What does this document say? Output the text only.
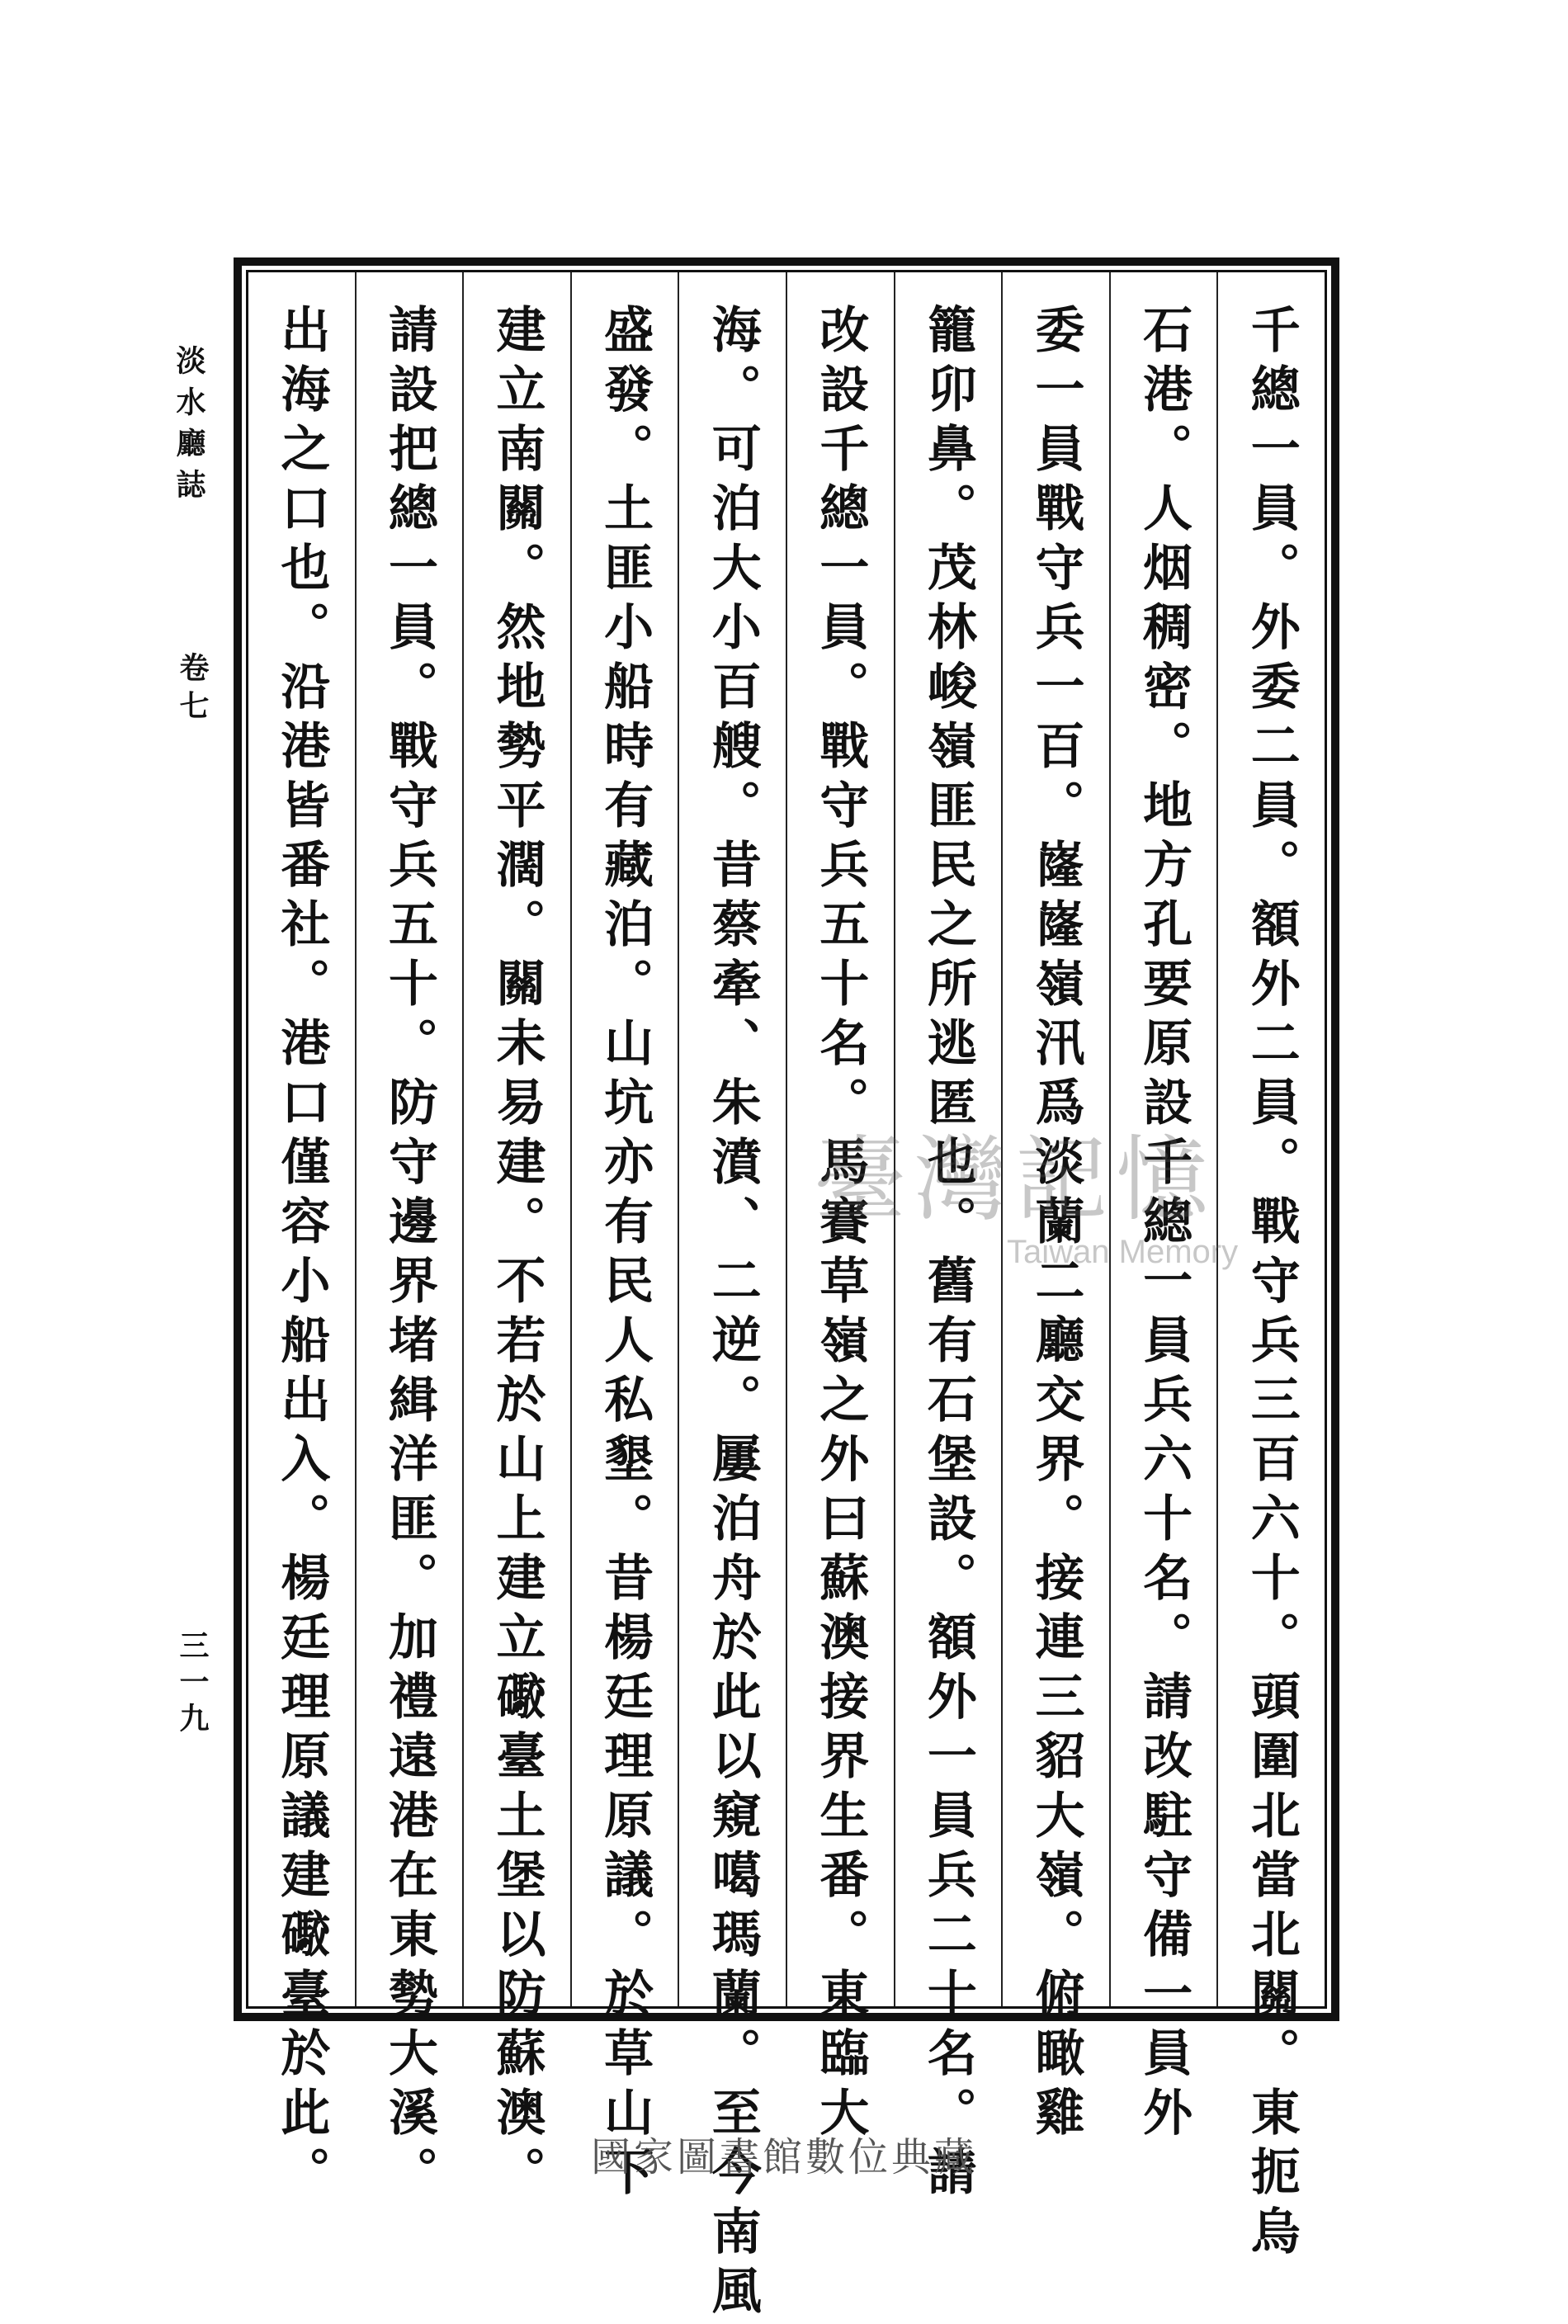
千總一員。外委二員。額外二員。戰守兵三百六十。頭圍北當北關。東扼烏
石港。人烟稠密。地方孔要原設千總一員兵六十名。請改駐守備一員外
委一員戰守兵一百。嶐嶐嶺汛爲淡蘭二廳交界。接連三貂大嶺。俯瞰雞
籠卯鼻。茂林峻嶺匪民之所逃匿也。舊有石堡設。額外一員兵二十名。請
改設千總一員。戰守兵五十名。馬賽草嶺之外曰蘇澳接界生番。東臨大
海。可泊大小百艘。昔蔡牽、朱濆、二逆。屢泊舟於此以窺噶瑪蘭。至今南風
盛發。土匪小船時有藏泊。山坑亦有民人私墾。昔楊廷理原議。於草山下
建立南關。然地勢平濶。關未易建。不若於山上建立礮臺土堡以防蘇澳。
請設把總一員。戰守兵五十。防守邊界堵緝洋匪。加禮遠港在東勢大溪。
出海之口也。沿港皆番社。港口僅容小船出入。楊廷理原議建礮臺於此。
淡水廳誌
卷七
三一九
臺灣記憶
Taiwan Memory
國家圖書館數位典藏
